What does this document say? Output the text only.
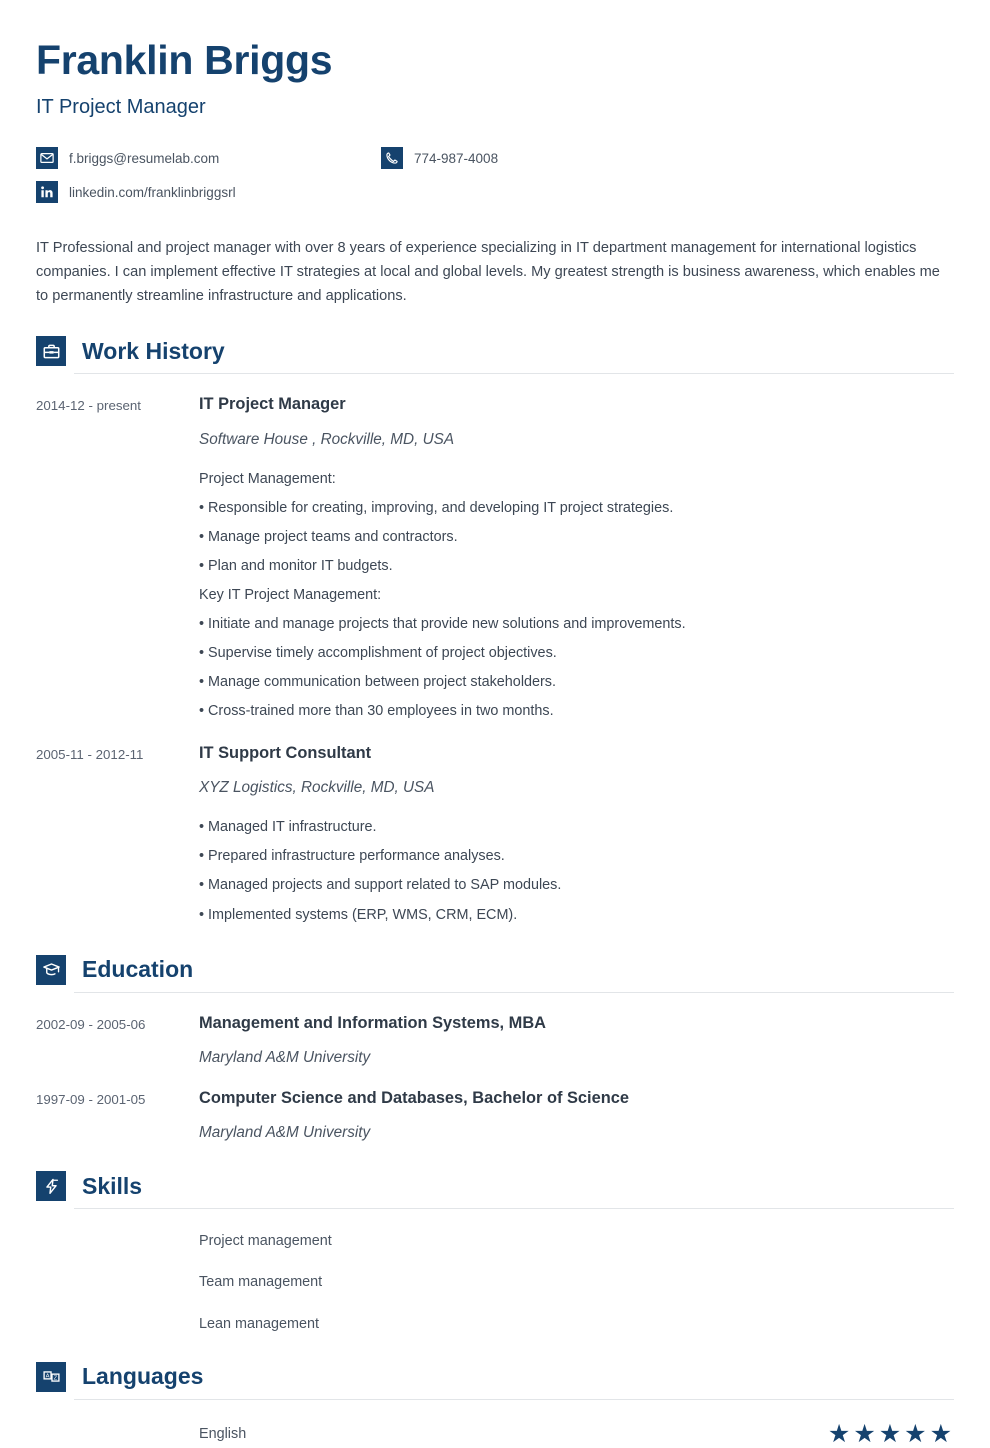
Franklin Briggs
IT Project Manager
f.briggs@resumelab.com	774-987-4008
linkedin.com/franklinbriggsrl
IT Professional and project manager with over 8 years of experience specializing in IT department management for international logistics companies. I can implement effective IT strategies at local and global levels. My greatest strength is business awareness, which enables me to permanently streamline infrastructure and applications.
Work History
2014-12 - present	IT Project Manager
Software House , Rockville, MD, USA
Project Management:
• Responsible for creating, improving, and developing IT project strategies.
• Manage project teams and contractors.
• Plan and monitor IT budgets.
Key IT Project Management:
• Initiate and manage projects that provide new solutions and improvements.
• Supervise timely accomplishment of project objectives.
• Manage communication between project stakeholders.
• Cross-trained more than 30 employees in two months.
2005-11 - 2012-11	IT Support Consultant
XYZ Logistics, Rockville, MD, USA
• Managed IT infrastructure.
• Prepared infrastructure performance analyses.
• Managed projects and support related to SAP modules.
• Implemented systems (ERP, WMS, CRM, ECM).
Education
2002-09 - 2005-06	Management and Information Systems, MBA
Maryland A&M University
1997-09 - 2001-05	Computer Science and Databases, Bachelor of Science
Maryland A&M University
Skills
Project management
Team management
Lean management
A Z Languages
English	★ ★ ★ ★ ★
